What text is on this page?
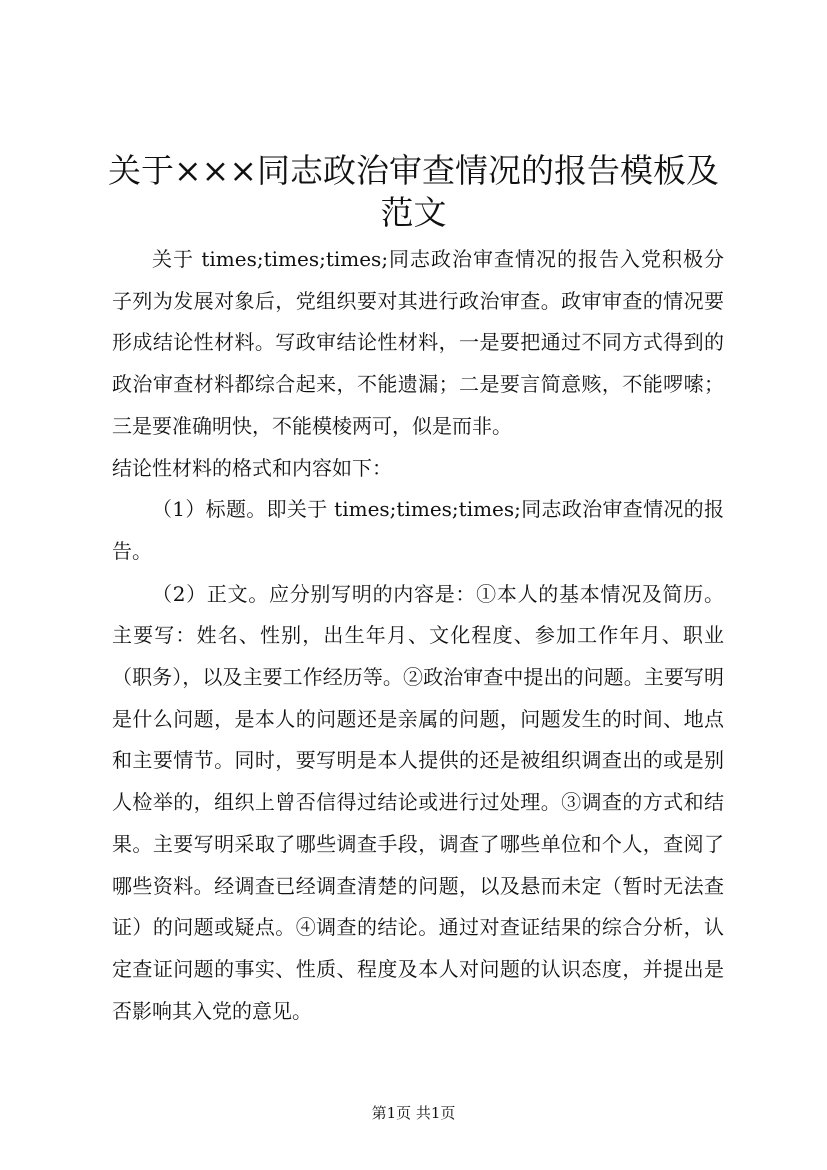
关于×××同志政治审查情况的报告模板及范文

关于 times;times;times;同志政治审查情况的报告入党积极分子列为发展对象后，党组织要对其进行政治审查。政审审查的情况要形成结论性材料。写政审结论性材料，一是要把通过不同方式得到的政治审查材料都综合起来，不能遗漏；二是要言简意赅，不能啰嗦；三是要准确明快，不能模棱两可，似是而非。

结论性材料的格式和内容如下：

（1）标题。即关于 times;times;times;同志政治审查情况的报告。

（2）正文。应分别写明的内容是：①本人的基本情况及简历。主要写：姓名、性别，出生年月、文化程度、参加工作年月、职业（职务），以及主要工作经历等。②政治审查中提出的问题。主要写明是什么问题，是本人的问题还是亲属的问题，问题发生的时间、地点和主要情节。同时，要写明是本人提供的还是被组织调查出的或是别人检举的，组织上曾否信得过结论或进行过处理。③调查的方式和结果。主要写明采取了哪些调查手段，调查了哪些单位和个人，查阅了哪些资料。经调查已经调查清楚的问题，以及悬而未定（暂时无法查证）的问题或疑点。④调查的结论。通过对查证结果的综合分析，认定查证问题的事实、性质、程度及本人对问题的认识态度，并提出是否影响其入党的意见。

第1页 共1页
